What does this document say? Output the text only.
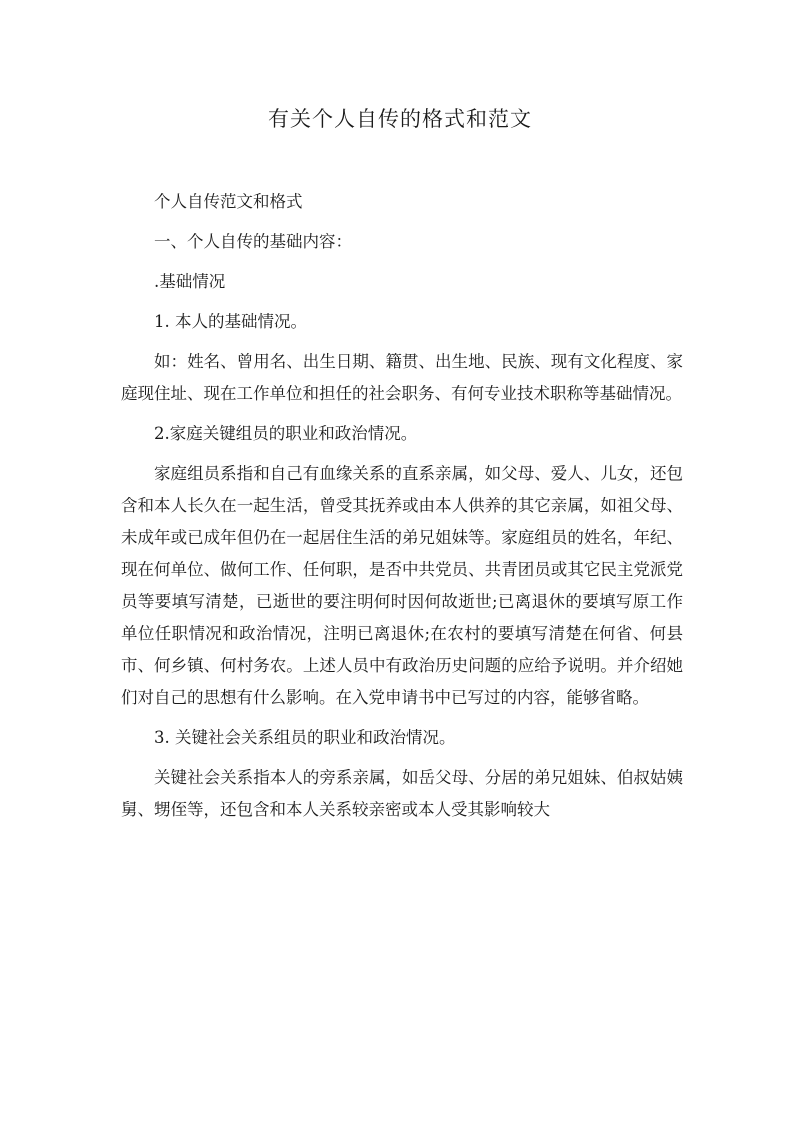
有关个人自传的格式和范文

个人自传范文和格式

一、个人自传的基础内容：

.基础情况

1. 本人的基础情况。

如：姓名、曾用名、出生日期、籍贯、出生地、民族、现有文化程度、家庭现住址、现在工作单位和担任的社会职务、有何专业技术职称等基础情况。

2.家庭关键组员的职业和政治情况。

家庭组员系指和自己有血缘关系的直系亲属，如父母、爱人、儿女，还包含和本人长久在一起生活，曾受其抚养或由本人供养的其它亲属，如祖父母、未成年或已成年但仍在一起居住生活的弟兄姐妹等。家庭组员的姓名，年纪、现在何单位、做何工作、任何职，是否中共党员、共青团员或其它民主党派党员等要填写清楚，已逝世的要注明何时因何故逝世;已离退休的要填写原工作单位任职情况和政治情况，注明已离退休;在农村的要填写清楚在何省、何县市、何乡镇、何村务农。上述人员中有政治历史问题的应给予说明。并介绍她们对自己的思想有什么影响。在入党申请书中已写过的内容，能够省略。

3. 关键社会关系组员的职业和政治情况。

关键社会关系指本人的旁系亲属，如岳父母、分居的弟兄姐妹、伯叔姑姨舅、甥侄等，还包含和本人关系较亲密或本人受其影响较大
